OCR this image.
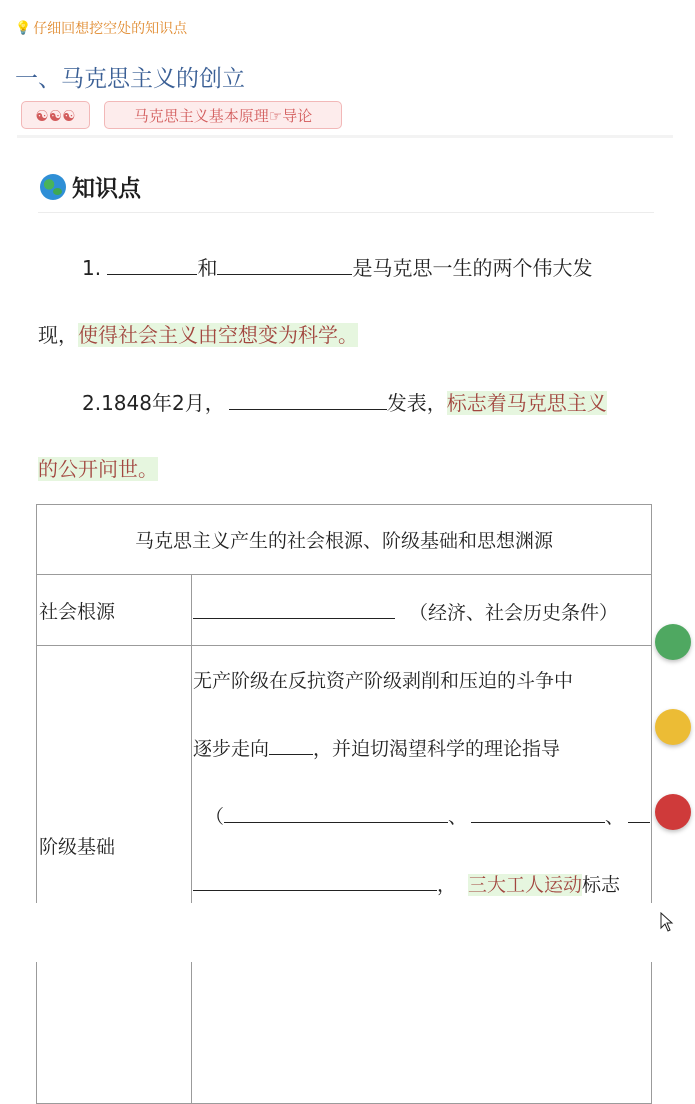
💡 仔细回想挖空处的知识点
一、马克思主义的创立
☯☯☯	马克思主义基本原理☞导论
知识点
1.	和	是马克思一生的两个伟大发
现，使得社会主义由空想变为科学。
2.1848年2月，	发表，标志着马克思主义
的公开问世。
马克思主义产生的社会根源、阶级基础和思想渊源	
社会根源	（经济、社会历史条件）
阶级基础	无产阶级在反抗资产阶级剥削和压迫的斗争中
逐步走向 ，并迫切渴望科学的理论指导
（ 、 、
， 三大工人运动标志
